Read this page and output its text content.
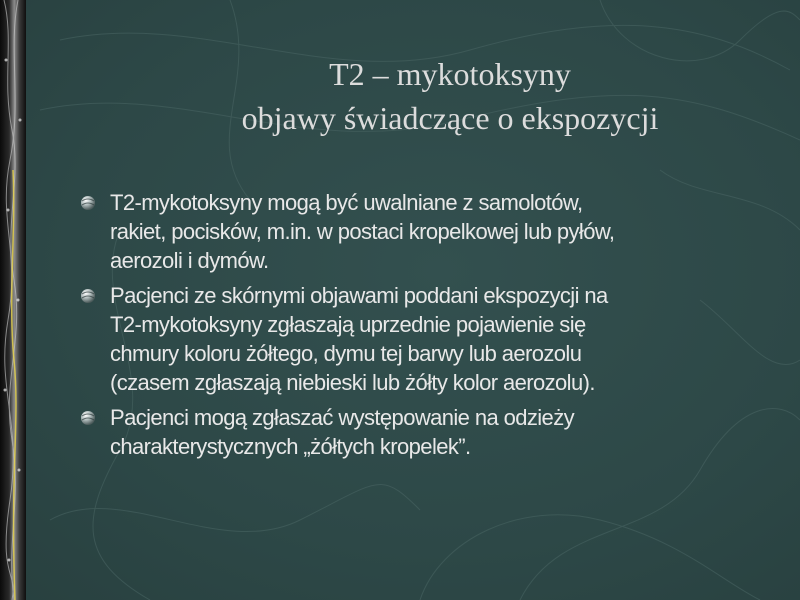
T2 – mykotoksyny
objawy świadczące o ekspozycji
T2-mykotoksyny mogą być uwalniane z samolotów,
rakiet, pocisków, m.in. w postaci kropelkowej lub pyłów,
aerozoli i dymów.
Pacjenci ze skórnymi objawami poddani ekspozycji na
T2-mykotoksyny zgłaszają uprzednie pojawienie się
chmury koloru żółtego, dymu tej barwy lub aerozolu
(czasem zgłaszają niebieski lub żółty kolor aerozolu).
Pacjenci mogą zgłaszać występowanie na odzieży
charakterystycznych „żółtych kropelek”.
